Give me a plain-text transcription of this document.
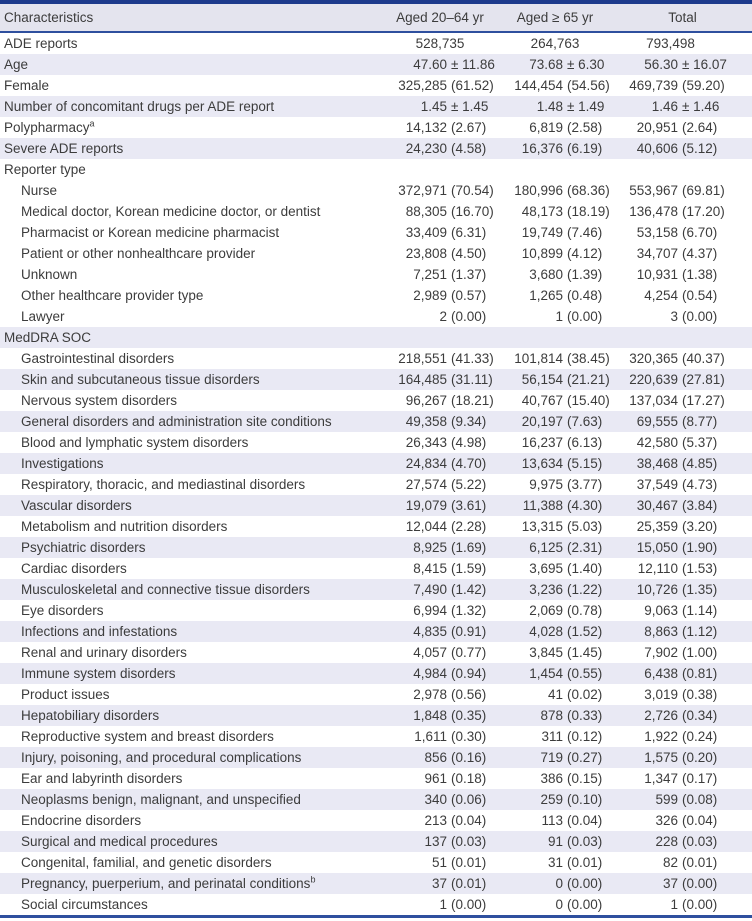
Characteristics	Aged 20–64 yr	Aged ≥ 65 yr	Total
ADE reports	528,735	264,763	793,498
Age	47.60 ± 11.86	73.68 ± 6.30	56.30 ± 16.07
Female	325,285 (61.52)	144,454 (54.56)	469,739 (59.20)
Number of concomitant drugs per ADE report	1.45 ± 1.45	1.48 ± 1.49	1.46 ± 1.46
Polypharmacy$^a$	14,132 (2.67)	6,819 (2.58)	20,951 (2.64)
Severe ADE reports	24,230 (4.58)	16,376 (6.19)	40,606 (5.12)
Reporter type
Nurse	372,971 (70.54)	180,996 (68.36)	553,967 (69.81)
Medical doctor, Korean medicine doctor, or dentist	88,305 (16.70)	48,173 (18.19)	136,478 (17.20)
Pharmacist or Korean medicine pharmacist	33,409 (6.31)	19,749 (7.46)	53,158 (6.70)
Patient or other nonhealthcare provider	23,808 (4.50)	10,899 (4.12)	34,707 (4.37)
Unknown	7,251 (1.37)	3,680 (1.39)	10,931 (1.38)
Other healthcare provider type	2,989 (0.57)	1,265 (0.48)	4,254 (0.54)
Lawyer	2 (0.00)	1 (0.00)	3 (0.00)
MedDRA SOC
Gastrointestinal disorders	218,551 (41.33)	101,814 (38.45)	320,365 (40.37)
Skin and subcutaneous tissue disorders	164,485 (31.11)	56,154 (21.21)	220,639 (27.81)
Nervous system disorders	96,267 (18.21)	40,767 (15.40)	137,034 (17.27)
General disorders and administration site conditions	49,358 (9.34)	20,197 (7.63)	69,555 (8.77)
Blood and lymphatic system disorders	26,343 (4.98)	16,237 (6.13)	42,580 (5.37)
Investigations	24,834 (4.70)	13,634 (5.15)	38,468 (4.85)
Respiratory, thoracic, and mediastinal disorders	27,574 (5.22)	9,975 (3.77)	37,549 (4.73)
Vascular disorders	19,079 (3.61)	11,388 (4.30)	30,467 (3.84)
Metabolism and nutrition disorders	12,044 (2.28)	13,315 (5.03)	25,359 (3.20)
Psychiatric disorders	8,925 (1.69)	6,125 (2.31)	15,050 (1.90)
Cardiac disorders	8,415 (1.59)	3,695 (1.40)	12,110 (1.53)
Musculoskeletal and connective tissue disorders	7,490 (1.42)	3,236 (1.22)	10,726 (1.35)
Eye disorders	6,994 (1.32)	2,069 (0.78)	9,063 (1.14)
Infections and infestations	4,835 (0.91)	4,028 (1.52)	8,863 (1.12)
Renal and urinary disorders	4,057 (0.77)	3,845 (1.45)	7,902 (1.00)
Immune system disorders	4,984 (0.94)	1,454 (0.55)	6,438 (0.81)
Product issues	2,978 (0.56)	41 (0.02)	3,019 (0.38)
Hepatobiliary disorders	1,848 (0.35)	878 (0.33)	2,726 (0.34)
Reproductive system and breast disorders	1,611 (0.30)	311 (0.12)	1,922 (0.24)
Injury, poisoning, and procedural complications	856 (0.16)	719 (0.27)	1,575 (0.20)
Ear and labyrinth disorders	961 (0.18)	386 (0.15)	1,347 (0.17)
Neoplasms benign, malignant, and unspecified	340 (0.06)	259 (0.10)	599 (0.08)
Endocrine disorders	213 (0.04)	113 (0.04)	326 (0.04)
Surgical and medical procedures	137 (0.03)	91 (0.03)	228 (0.03)
Congenital, familial, and genetic disorders	51 (0.01)	31 (0.01)	82 (0.01)
Pregnancy, puerperium, and perinatal conditions$^b$	37 (0.01)	0 (0.00)	37 (0.00)
Social circumstances	1 (0.00)	0 (0.00)	1 (0.00)
